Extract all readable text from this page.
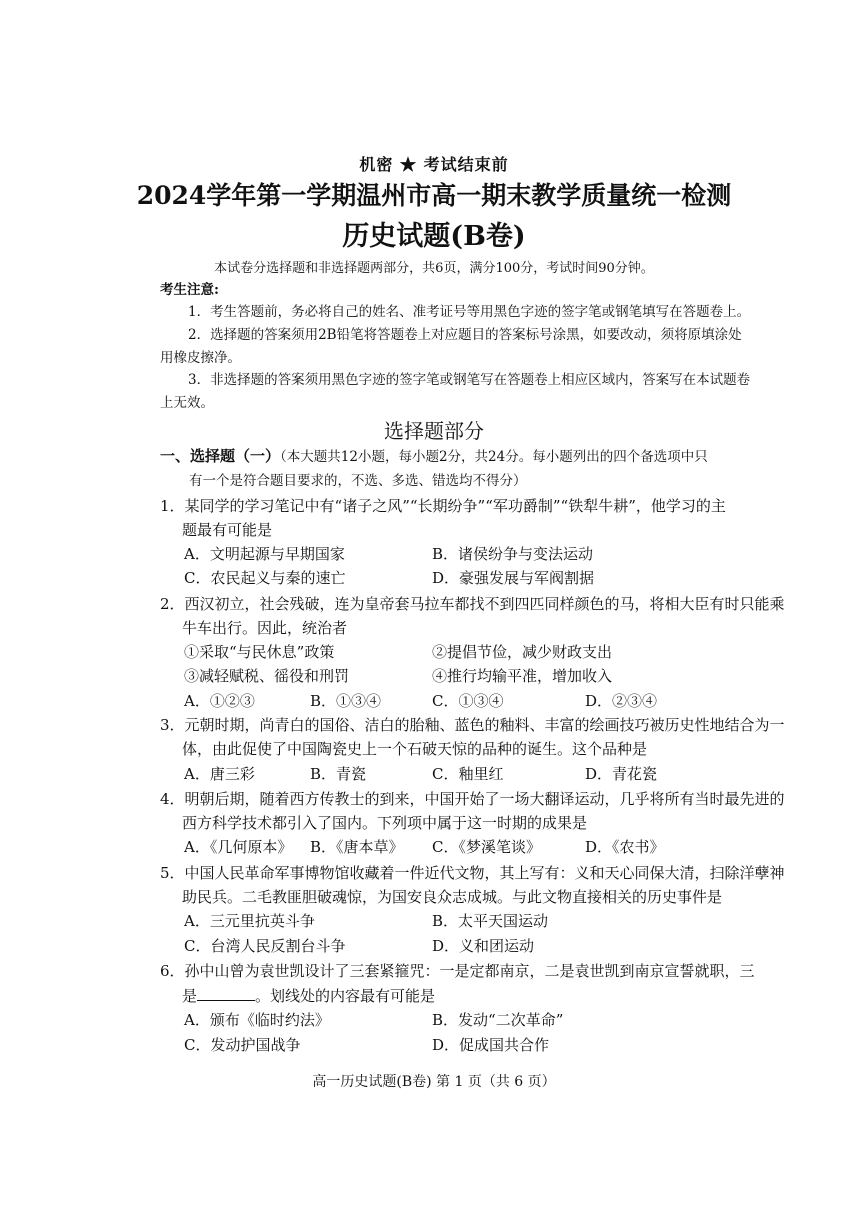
机密 ★ 考试结束前
2024学年第一学期温州市高一期末教学质量统一检测
历史试题(B卷)
本试卷分选择题和非选择题两部分，共6页，满分100分，考试时间90分钟。
考生注意:
1．考生答题前，务必将自己的姓名、准考证号等用黑色字迹的签字笔或钢笔填写在答题卷上。
2．选择题的答案须用2B铅笔将答题卷上对应题目的答案标号涂黑，如要改动，须将原填涂处
用橡皮擦净。
3．非选择题的答案须用黑色字迹的签字笔或钢笔写在答题卷上相应区域内，答案写在本试题卷
上无效。
选择题部分
一、选择题（一）（本大题共12小题，每小题2分，共24分。每小题列出的四个备选项中只
有一个是符合题目要求的，不选、多选、错选均不得分）
1．某同学的学习笔记中有“诸子之风”“长期纷争”“军功爵制”“铁犁牛耕”，他学习的主
题最有可能是
A．文明起源与早期国家	B．诸侯纷争与变法运动
C．农民起义与秦的速亡	D．豪强发展与军阀割据
2．西汉初立，社会残破，连为皇帝套马拉车都找不到四匹同样颜色的马，将相大臣有时只能乘
牛车出行。因此，统治者
①采取“与民休息”政策	②提倡节俭，减少财政支出
③减轻赋税、徭役和刑罚	④推行均输平准，增加收入
A．①②③	B．①③④	C．①③④	D．②③④
3．元朝时期，尚青白的国俗、洁白的胎釉、蓝色的釉料、丰富的绘画技巧被历史性地结合为一
体，由此促使了中国陶瓷史上一个石破天惊的品种的诞生。这个品种是
A．唐三彩	B．青瓷	C．釉里红	D．青花瓷
4．明朝后期，随着西方传教士的到来，中国开始了一场大翻译运动，几乎将所有当时最先进的
西方科学技术都引入了国内。下列项中属于这一时期的成果是
A．《几何原本》 B．《唐本草》 C．《梦溪笔谈》	D．《农书》
5．中国人民革命军事博物馆收藏着一件近代文物，其上写有：义和天心同保大清，扫除洋孽神
助民兵。二毛教匪胆破魂惊，为国安良众志成城。与此文物直接相关的历史事件是
A．三元里抗英斗争	B．太平天国运动
C．台湾人民反割台斗争	D．义和团运动
6．孙中山曾为袁世凯设计了三套紧箍咒：一是定都南京，二是袁世凯到南京宣誓就职，三
是	。划线处的内容最有可能是
A．颁布《临时约法》	B．发动“二次革命”
C．发动护国战争	D．促成国共合作
高一历史试题(B卷) 第 1 页（共 6 页）
